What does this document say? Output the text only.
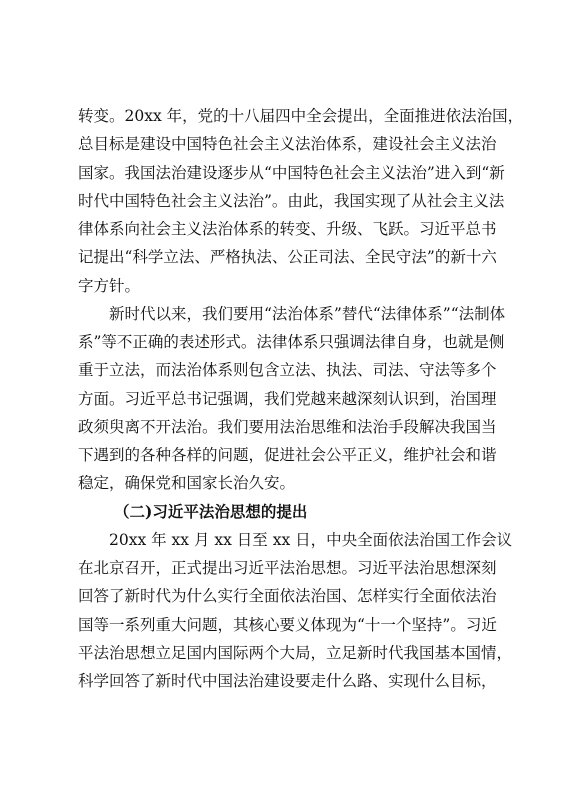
转变。20xx 年，党的十八届四中全会提出，全面推进依法治国，
总目标是建设中国特色社会主义法治体系，建设社会主义法治
国家。我国法治建设逐步从“中国特色社会主义法治”进入到“新
时代中国特色社会主义法治”。由此，我国实现了从社会主义法
律体系向社会主义法治体系的转变、升级、飞跃。习近平总书
记提出“科学立法、严格执法、公正司法、全民守法”的新十六
字方针。
新时代以来，我们要用“法治体系”替代“法律体系”“法制体
系”等不正确的表述形式。法律体系只强调法律自身，也就是侧
重于立法，而法治体系则包含立法、执法、司法、守法等多个
方面。习近平总书记强调，我们党越来越深刻认识到，治国理
政须臾离不开法治。我们要用法治思维和法治手段解决我国当
下遇到的各种各样的问题，促进社会公平正义，维护社会和谐
稳定，确保党和国家长治久安。
（二)习近平法治思想的提出
20xx 年 xx 月 xx 日至 xx 日，中央全面依法治国工作会议
在北京召开，正式提出习近平法治思想。习近平法治思想深刻
回答了新时代为什么实行全面依法治国、怎样实行全面依法治
国等一系列重大问题，其核心要义体现为“十一个坚持”。习近
平法治思想立足国内国际两个大局，立足新时代我国基本国情，
科学回答了新时代中国法治建设要走什么路、实现什么目标，
